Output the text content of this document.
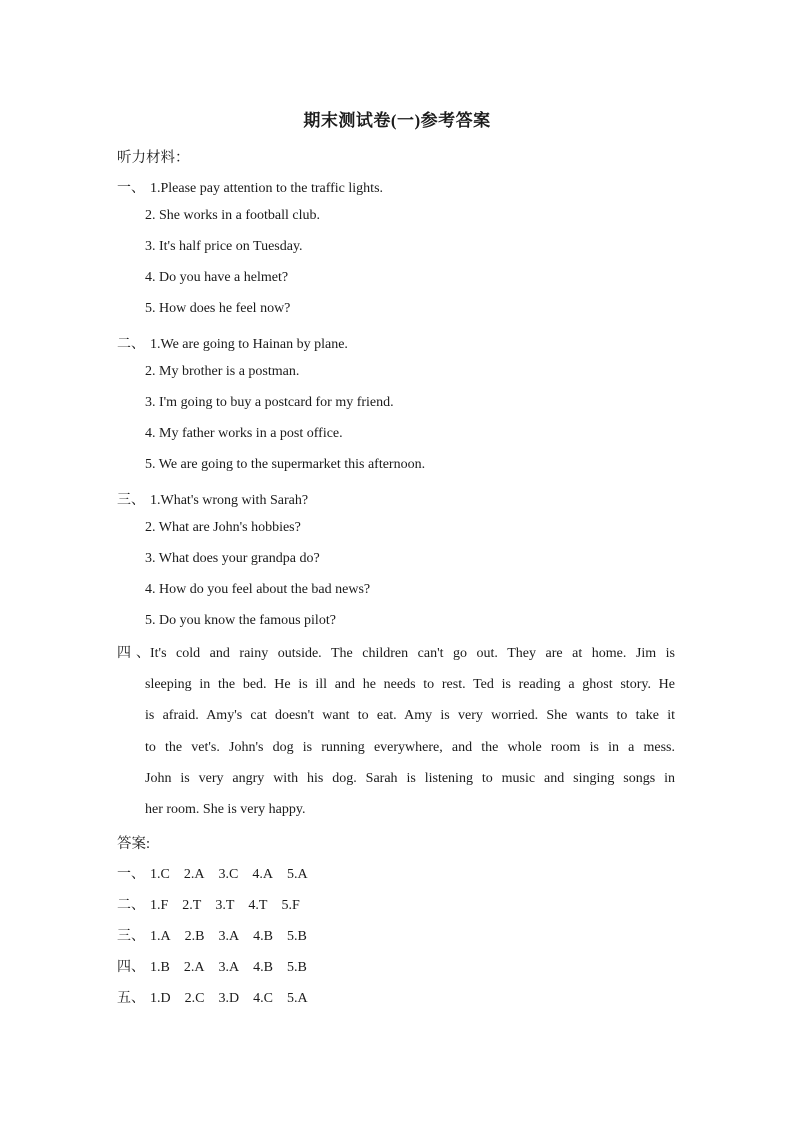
期末测试卷(一)参考答案
听力材料：
一、 1.Please pay attention to the traffic lights.
2. She works in a football club.
3. It's half price on Tuesday.
4. Do you have a helmet?
5. How does he feel now?
二、 1.We are going to Hainan by plane.
2. My brother is a postman.
3. I'm going to buy a postcard for my friend.
4. My father works in a post office.
5. We are going to the supermarket this afternoon.
三、 1.What's wrong with Sarah?
2. What are John's hobbies?
3. What does your grandpa do?
4. How do you feel about the bad news?
5. Do you know the famous pilot?
四、It's cold and rainy outside. The children can't go out. They are at home. Jim is
sleeping in the bed. He is ill and he needs to rest. Ted is reading a ghost story. He
is afraid. Amy's cat doesn't want to eat. Amy is very worried. She wants to take it
to the vet's. John's dog is running everywhere, and the whole room is in a mess.
John is very angry with his dog. Sarah is listening to music and singing songs in
her room. She is very happy.
答案:
一、 1.C 2.A 3.C 4.A 5.A
二、 1.F 2.T 3.T 4.T 5.F
三、 1.A 2.B 3.A 4.B 5.B
四、 1.B 2.A 3.A 4.B 5.B
五、 1.D 2.C 3.D 4.C 5.A
